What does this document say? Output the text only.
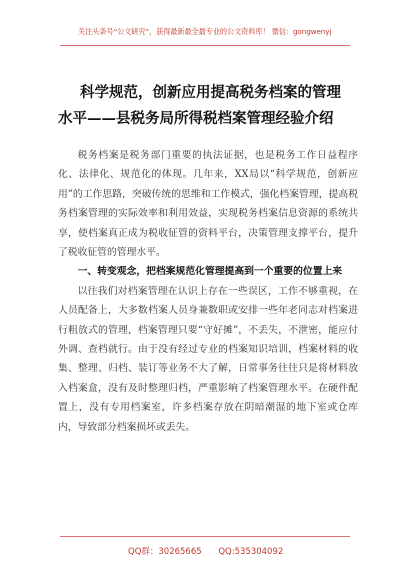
关注头条号“公文研究”，获得最新最全最专业的公文资料库！ 微信：gongwenyj
科学规范，创新应用提高税务档案的管理
水平——县税务局所得税档案管理经验介绍

税务档案是税务部门重要的执法证据，也是税务工作日益程序化、法律化、规范化的体现。几年来，XX局以“科学规范，创新应用”的工作思路，突破传统的思维和工作模式，强化档案管理，提高税务档案管理的实际效率和利用效益，实现税务档案信息资源的系统共享，使档案真正成为税收征管的资料平台，决策管理支撑平台，提升了税收征管的管理水平。

一、转变观念，把档案规范化管理提高到一个重要的位置上来

以往我们对档案管理在认识上存在一些误区，工作不够重视，在人员配备上，大多数档案人员身兼数职或安排一些年老同志对档案进行粗放式的管理，档案管理只要“守好摊”，不丢失，不泄密，能应付外调、查档就行。由于没有经过专业的档案知识培训，档案材料的收集、整理、归档、装订等业务不大了解，日常事务往往只是将材料放入档案盒，没有及时整理归档，严重影响了档案管理水平。在硬件配置上，没有专用档案室，许多档案存放在阴暗潮湿的地下室或仓库内，导致部分档案损坏或丢失。

QQ群：30265665 QQ:535304092
